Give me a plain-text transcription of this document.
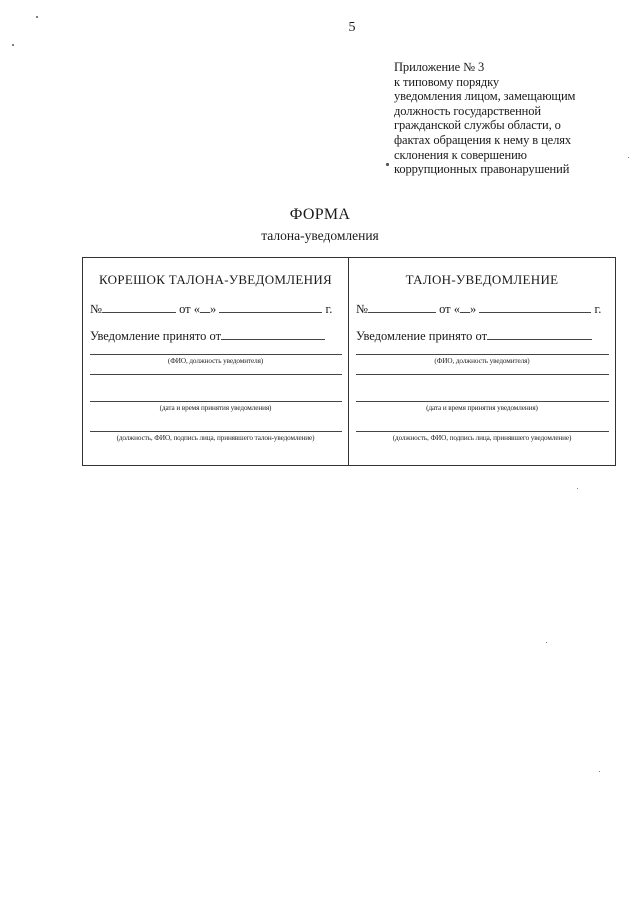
5
Приложение № 3
к типовому порядку
уведомления лицом, замещающим
должность государственной
гражданской службы области, о
фактах обращения к нему в целях
склонения к совершению
коррупционных правонарушений
ФОРМА
талона-уведомления
КОРЕШОК ТАЛОНА-УВЕДОМЛЕНИЯ
№	от « »	г.
Уведомление принято от
(ФИО, должность уведомителя)
(дата и время принятия уведомления)
(должность, ФИО, подпись лица, принявшего талон-уведомление)
ТАЛОН-УВЕДОМЛЕНИЕ
№	от « »	г.
Уведомление принято от
(ФИО, должность уведомителя)
(дата и время принятия уведомления)
(должность, ФИО, подпись лица, принявшего уведомление)
